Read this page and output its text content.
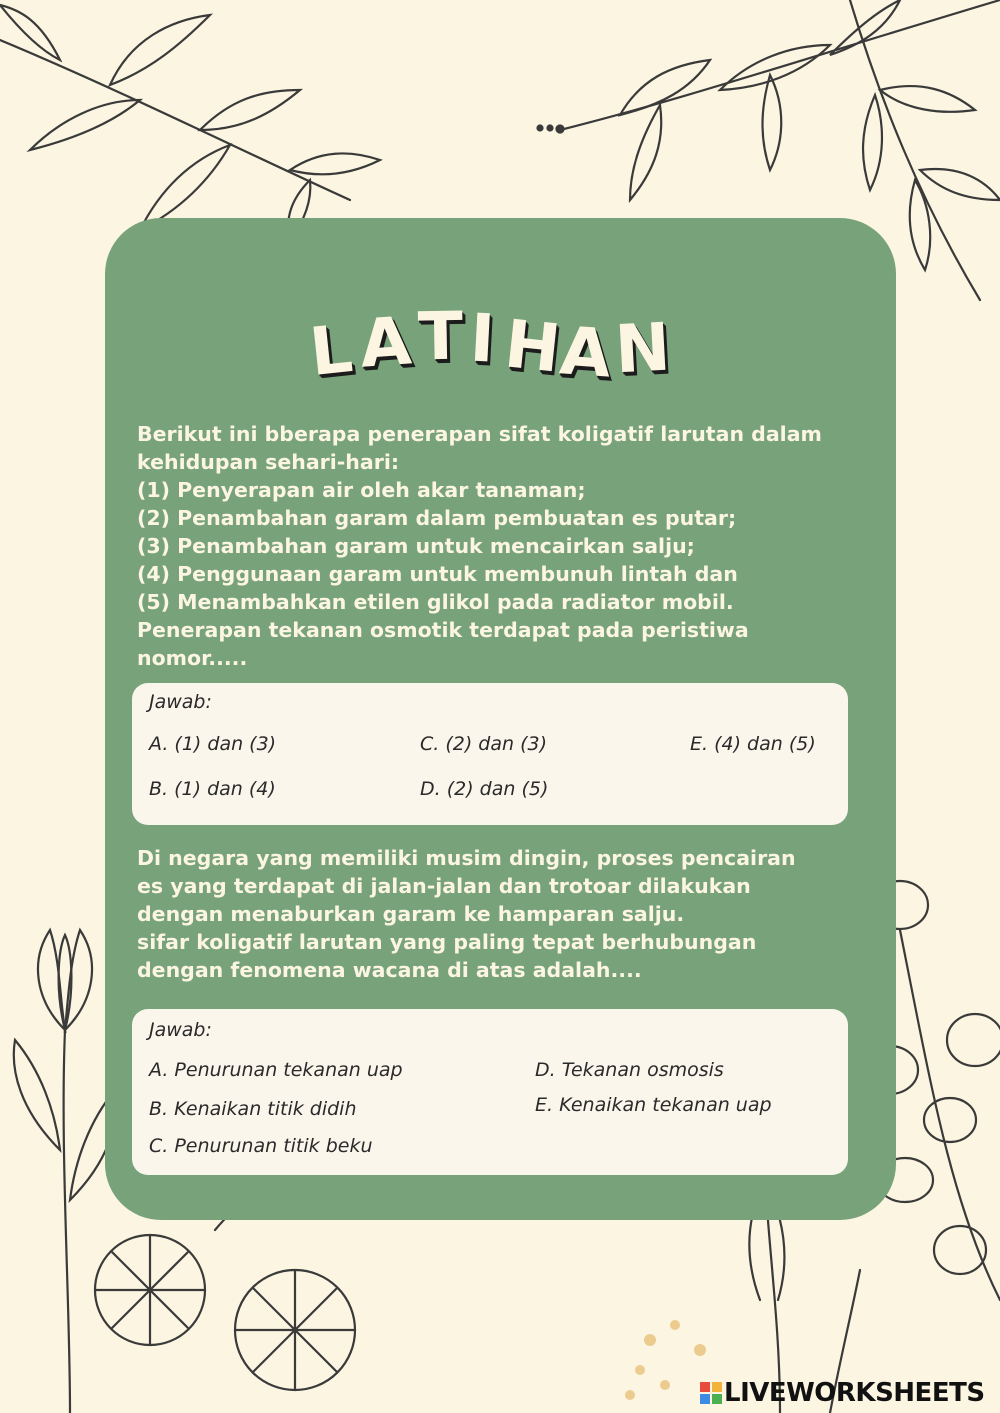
L A T I H
A N
Berikut ini bberapa penerapan sifat koligatif larutan dalam
kehidupan sehari-hari:
(1) Penyerapan air oleh akar tanaman;
(2) Penambahan garam dalam pembuatan es putar;
(3) Penambahan garam untuk mencairkan salju;
(4) Penggunaan garam untuk membunuh lintah dan
(5) Menambahkan etilen glikol pada radiator mobil.
Penerapan tekanan osmotik terdapat pada peristiwa
nomor.....
Jawab:
A. (1) dan (3)
B. (1) dan (4)
C. (2) dan (3)
D. (2) dan (5)
E. (4) dan (5)
Di negara yang memiliki musim dingin, proses pencairan
es yang terdapat di jalan-jalan dan trotoar dilakukan
dengan menaburkan garam ke hamparan salju.
sifar koligatif larutan yang paling tepat berhubungan
dengan fenomena wacana di atas adalah....
Jawab:
A. Penurunan tekanan uap
B. Kenaikan titik didih
C. Penurunan titik beku
D. Tekanan osmosis
E. Kenaikan tekanan uap
LIVEWORKSHEETS
